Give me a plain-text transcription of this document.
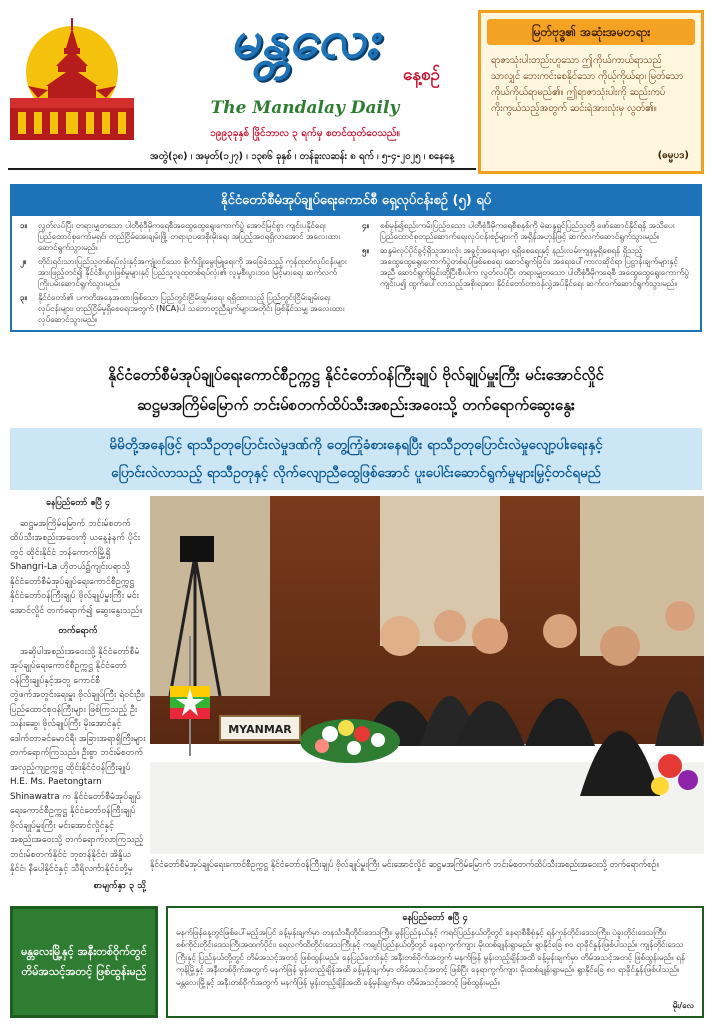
မန္တလေး
နေ့စဉ်
The Mandalay Daily
၁၉၉၃ခုနှစ် ဖြိုင်ဘာလ ၃ ရက်မှ စတင်ထုတ်ဝေသည်။
မြတ်ဗုဒ္ဓ၏ အဆုံးအမတရား
ရာဇာသုံးပါးတည်းဟူသော ဤကိုယ်ကာယ်ရာသည် သာလျှင် ဘေးကင်းစေနိုင်သော ကိုယ့်ကိုယ်ရာ၊ မြတ်သော ကိုယ်ကိုယ်ရာမည်၏။ ဤရာဇာသုံးပါးကို ဆည်းကပ်ကိုးကွယ်သည့်အတွက် ဆင်းရဲအားလုံးမှ လွတ်၏။
(ဓမ္မပဒ)
အတွဲ(၃၈) ၊ အမှတ်(၁၂၇) ၊ ၁၃၈၆ ခုနှစ် ၊ တန်ခူးလဆန်း ၈ ရက် ၊ ၅-၄-၂၀၂၅ ၊ စနေနေ့
နိုင်ငံတော်စီမံအုပ်ချုပ်ရေးကောင်စီ ရှေ့လုပ်ငန်းစဉ် (၅) ရပ်
၁။	လွတ်လပ်ပြီး တရားမျှတသော ပါတီစုံဒီမိုကရေစီအထွေထွေရွေးကောက်ပွဲ အောင်မြင်စွာ ကျင်းပနိုင်ရေး ပြည်ထောင်စုကော်မရှင်၊ တည်ငြိမ်အေးချမ်းဖြို့ တရားဥပဒေစိုးမိုးရေး အပြည့်အဝရရှိလာအောင် အလေးထားဆောင်ရွက်သွားမည်။
၂။	တိုင်းရင်းသားပြည်သူတစ်ရပ်လုံးနှင့်အကျုံးဝင်သော စိုက်ပျိုးမွေးမြူရေးကို အခြေခံသည့် ကုန်ထုတ်လုပ်ငန်းများ အားဖြည့်တင်၍ နိုင်ငံစီးပွားဖြစ်မှုများနှင့် ပြည်သူလူထုတစ်ရပ်လုံး၏ လူမှုစီးပွားဘဝ မြင့်မားရေး ဆက်လက်ကြိုးပမ်းဆောင်ရွက်သွားမည်။
၃။	နိုင်ငံတော်၏ ပကတိအနေအထားဖြစ်သော ပြည်တွင်းငြိမ်းချမ်းရေး ရရှိထားသည့် ပြည်တွင်းငြိမ်းချမ်းရေးလုပ်ငန်းများ၊ တည်ငြိမ်မှုရှိစေရေးအတွက် (NCA)ပါ သဘောတူညီချက်များအတိုင်း ဖြစ်နိုင်သမျှ အလေးထား လုပ်ဆောင်သွားမည်။
၄။	စစ်မှန်၍စည်းကမ်းပြည့်ဝသော ပါတီစုံဒီမိုကရေစီစနစ်ကို မဲဆန္ဒရှင်ပြည်သူတို့ ဖော်ဆောင်နိုင်ရန် အသိပေး ပြည်ထောင်စုတည်ဆောက်ရေးလုပ်ငန်းစဉ်များကို အရှိန်အဟုန်ဖြင့် ဆက်လက်ဆောင်ရွက်သွားမည်။
၅။	ဆန္ဒမဲလုပ်ပိုင်ခွင့်ရှိသူအားလုံး အခွင့်အရေးများ ရရှိစေရေးနှင့် နည်းလမ်းကျနမှုရှိစေရန် ရှိသည့် အထွေထွေရွေးကောက်ပွဲတစ်ရပ်ဖြစ်စေရေး ဆောင်ရွက်ခြင်း၊ အရေးပေါ်ကာလဆိုင်ရာ ပြဋ္ဌာန်းချက်များနှင့်အညီ ဆောင်ရွက်ခြင်းတို့ပြီးစီးပါက လွတ်လပ်ပြီး တရားမျှတသော ပါတီစုံဒီမိုကရေစီ အထွေထွေရွေးကောက်ပွဲကျင်းပ၍ ထွက်ပေါ်လာသည့်အစိုးရအား နိုင်ငံတော်တာဝန်လွှဲအပ်နိုင်ရေး ဆက်လက်ဆောင်ရွက်သွားမည်။
နိုင်ငံတော်စီမံအုပ်ချုပ်ရေးကောင်စီဥက္ကဋ္ဌ နိုင်ငံတော်ဝန်ကြီးချုပ် ဗိုလ်ချုပ်မှူးကြီး မင်းအောင်လှိုင်
ဆဋ္ဌမအကြိမ်မြောက် ဘင်းမ်စတက်ထိပ်သီးအစည်းအဝေးသို့ တက်ရောက်ဆွေးနွေး
မိမိတို့အနေဖြင့် ရာသီဥတုပြောင်းလဲမှုဒဏ်ကို တွေ့ကြုံခံစားနေရပြီး ရာသီဥတုပြောင်းလဲမှုလျော့ပါးရေးနှင့်
ပြောင်းလဲလာသည့် ရာသီဥတုနှင့် လိုက်လျောညီထွေဖြစ်အောင် ပူးပေါင်းဆောင်ရွက်မှုများမြှင့်တင်ရမည်

နေပြည်တော် ဧပြီ ၄

ဆဋ္ဌမအကြိမ်မြောက် ဘင်းမ်စတက်ထိပ်သီးအစည်းအဝေးကို ယနေ့နံနက် ပိုင်းတွင် ထိုင်းနိုင်ငံ ဘန်ကောက်မြို့ရှိ Shangri-La ဟိုတယ်၌ကျင်းပရာသို့ နိုင်ငံတော်စီမံအုပ်ချုပ်ရေးကောင်စီဥက္ကဋ္ဌ နိုင်ငံတော်ဝန်ကြီးချုပ် ဗိုလ်ချုပ်မှူးကြီး မင်းအောင်လှိုင် တက်ရောက်၍ ဆွေးနွေးသည်။

တက်ရောက်

အဆိုပါအစည်းအဝေးသို့ နိုင်ငံတော်စီမံအုပ်ချုပ်ရေးကောင်စီဥက္ကဋ္ဌ နိုင်ငံတော်ဝန်ကြီးချုပ်နှင့်အတူ ကောင်စီတွဲဖက်အတွင်းရေးမှူး ဗိုလ်ချုပ်ကြီး ရဲဝင်းဦး၊ ပြည်ထောင်စုဝန်ကြီးများ ဖြစ်ကြသည့် ဦးသန်းဆွေ၊ ဗိုလ်ချုပ်ကြီး မိုးအောင်နှင့် ဒေါက်တာခင်မောင်ရီ၊ အခြားအရာရှိကြီးများ တက်ရောက်ကြသည်။ ဦးစွာ ဘင်းမ်စတက်အလှည့်ကျဥက္ကဋ္ဌ ထိုင်းနိုင်ငံဝန်ကြီးချုပ် H.E. Ms. Paetongtarn Shinawatra က နိုင်ငံတော်စီမံအုပ်ချုပ်ရေးကောင်စီဥက္ကဋ္ဌ နိုင်ငံတော်ဝန်ကြီးချုပ် ဗိုလ်ချုပ်မှူးကြီး မင်းအောင်လှိုင်နှင့် အစည်းအဝေးသို့ တက်ရောက်လာကြသည့် ဘင်းမ်စတက်နိုင်ငံ ဘုတန်နိုင်ငံ၊ အိန္ဒိယနိုင်ငံ၊ နီပေါနိုင်ငံနှင့် သီရိလင်္ကာနိုင်ငံတို့မှ

MYANMAR
နိုင်ငံတော်စီမံအုပ်ချုပ်ရေးကောင်စီဥက္ကဋ္ဌ နိုင်ငံတော်ဝန်ကြီးချုပ် ဗိုလ်ချုပ်မှူးကြီး မင်းအောင်လှိုင် ဆဋ္ဌမအကြိမ်မြောက် ဘင်းမ်စတက်ထိပ်သီးအစည်းအဝေးသို့ တက်ရောက်စဉ်။
မန္တလေးမြို့နှင့် အနီးတစ်ဝိုက်တွင် တိမ်အသင့်အတင့် ဖြစ်ထွန်းမည်
နေပြည်တော် ဧပြီ ၄
မနက်ဖြန်နေ့တွင်ဖြစ်ပေါ်မည့်အပြင် ခန့်မှန်းချက်မှာ တနင်္သာရီတိုင်းဒေသကြီး၊ မွန်ပြည်နယ်နှင့် ကရင်ပြည်နယ်တို့တွင် နေရာစီစီစုံနှင့် ရန်ကုန်တိုင်းဒေသကြီး၊ ပဲခူးတိုင်းဒေသကြီး၊ စစ်ကိုင်းတိုင်းဒေသကြီးအထက်ပိုင်း၊ ရေလက်ထိတိုင်းဒေသကြီးနှင့် ကချင်ပြည်နယ်တို့တွင် နေရာကွက်ကျား မိုးထစ်ချုန်းရွာမည်။ ရွာနိုင်ခြေ ၈၀ ရာခိုင်နှုန်းဖြစ်ပါသည်။ ကျန်တိုင်းဒေသကြီးနှင့် ပြည်နယ်တို့တွင် တိမ်အသင့်အတင့် ဖြစ်ထွန်းမည်။ နေပြည်တော်နှင့် အနီးတစ်ဝိုက်အတွက် မနက်ဖြန် မွန်းတည့်ချိန်အထိ ခန့်မှန်းချက်မှာ တိမ်အသင့်အတင့် ဖြစ်ထွန်းမည်။ ရန်ကုန်မြို့နှင့် အနီးတစ်ဝိုက်အတွက် မနက်ဖြန် မွန်းတည့်ချိန်အထိ ခန့်မှန်းချက်မှာ တိမ်အသင့်အတင့် ဖြစ်ပြီး နေရာကွက်ကျား မိုးထစ်ချုန်းရွာမည်။ ရွာနိုင်ခြေ ၈၀ ရာခိုင်နှုန်းဖြစ်ပါသည်။ မန္တလေးမြို့နှင့် အနီးတစ်ဝိုက်အတွက် မနက်ဖြန် မွန်းတည့်ချိန်အထိ ခန့်မှန်းချက်မှာ တိမ်အသင့်အတင့် ဖြစ်ထွန်းမည်။
မိုး/လေ
စာမျက်နှာ ၃ သို့
